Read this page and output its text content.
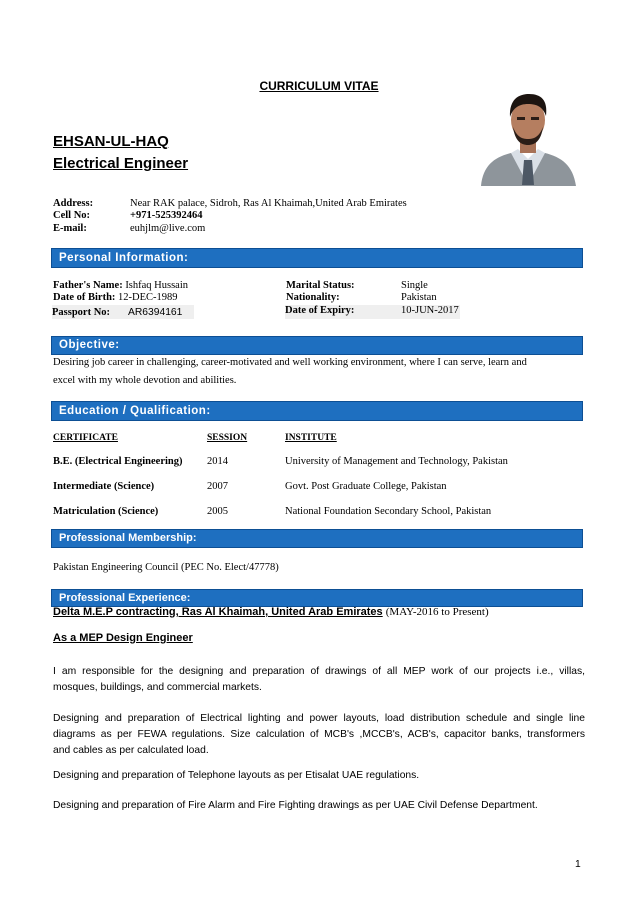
CURRICULUM VITAE
EHSAN-UL-HAQ
Electrical Engineer
Address:	Near RAK palace, Sidroh, Ras Al Khaimah,United Arab Emirates
Cell No:	+971-525392464
E-mail:	euhjlm@live.com
Personal Information:
Father's Name: Ishfaq Hussain
Date of Birth: 12-DEC-1989
Passport No: AR6394161
Marital Status:	Single
Nationality:	Pakistan
Date of Expiry:	10-JUN-2017
Objective:
Desiring job career in challenging, career-motivated and well working environment, where I can serve, learn and
excel with my whole devotion and abilities.
Education / Qualification:
CERTIFICATE	SESSION	INSTITUTE
B.E. (Electrical Engineering) 2014	University of Management and Technology, Pakistan
Intermediate (Science)	2007	Govt. Post Graduate College, Pakistan
Matriculation (Science)	2005	National Foundation Secondary School, Pakistan
Professional Membership:
Pakistan Engineering Council (PEC No. Elect/47778)
Professional Experience:
Delta M.E.P contracting, Ras Al Khaimah, United Arab Emirates (MAY-2016 to Present)
As a MEP Design Engineer
I am responsible for the designing and preparation of drawings of all MEP work of our projects i.e., villas,
mosques, buildings, and commercial markets.
Designing and preparation of Electrical lighting and power layouts, load distribution schedule and single line
diagrams as per FEWA regulations. Size calculation of MCB's ,MCCB's, ACB's, capacitor banks, transformers
and cables as per calculated load.
Designing and preparation of Telephone layouts as per Etisalat UAE regulations.
Designing and preparation of Fire Alarm and Fire Fighting drawings as per UAE Civil Defense Department.
1
